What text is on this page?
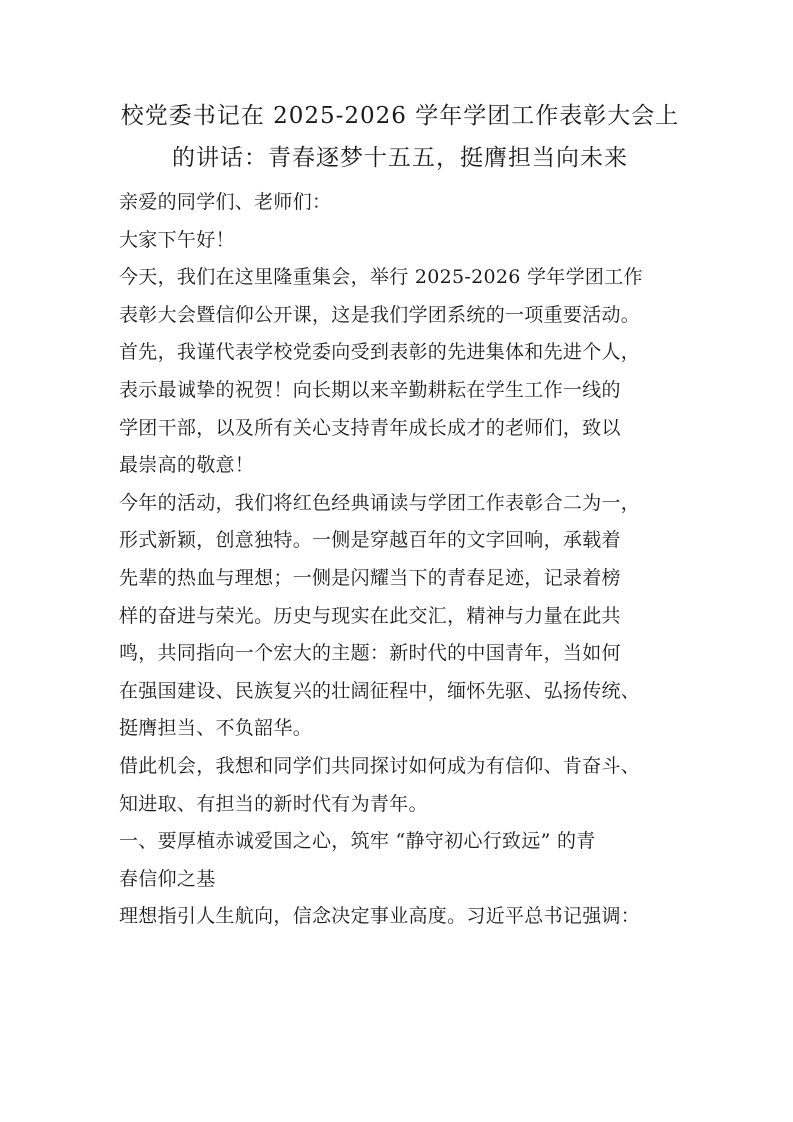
校党委书记在 2025-2026 学年学团工作表彰大会上
的讲话：青春逐梦十五五，挺膺担当向未来
亲爱的同学们、老师们：
大家下午好！
今天，我们在这里隆重集会，举行 2025-2026 学年学团工作
表彰大会暨信仰公开课，这是我们学团系统的一项重要活动。
首先，我谨代表学校党委向受到表彰的先进集体和先进个人，
表示最诚挚的祝贺！向长期以来辛勤耕耘在学生工作一线的
学团干部，以及所有关心支持青年成长成才的老师们，致以
最崇高的敬意！
今年的活动，我们将红色经典诵读与学团工作表彰合二为一，
形式新颖，创意独特。一侧是穿越百年的文字回响，承载着
先辈的热血与理想；一侧是闪耀当下的青春足迹，记录着榜
样的奋进与荣光。历史与现实在此交汇，精神与力量在此共
鸣，共同指向一个宏大的主题：新时代的中国青年，当如何
在强国建设、民族复兴的壮阔征程中，缅怀先驱、弘扬传统、
挺膺担当、不负韶华。
借此机会，我想和同学们共同探讨如何成为有信仰、肯奋斗、
知进取、有担当的新时代有为青年。
一、要厚植赤诚爱国之心，筑牢 “静守初心行致远” 的青
春信仰之基
理想指引人生航向，信念决定事业高度。习近平总书记强调：
